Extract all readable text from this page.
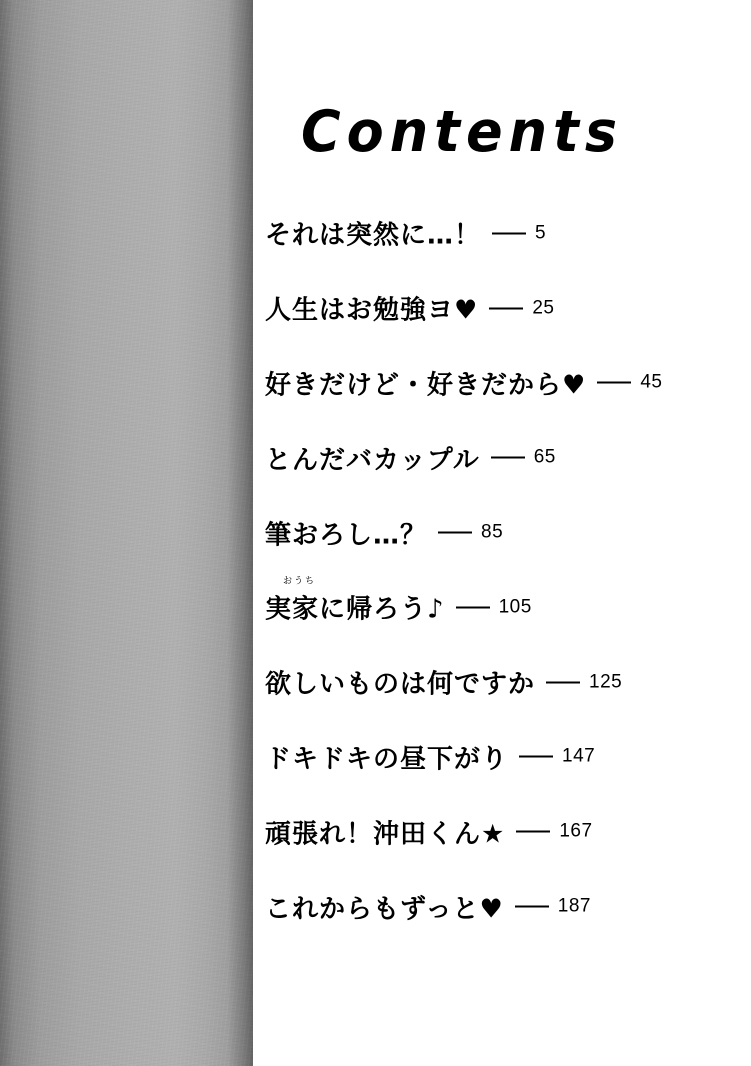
Contents
Delivery 1
それは突然に…！	5
Delivery 2
人生はお勉強ヨ♥	25
Delivery 3
好きだけど・好きだから♥	45
Delivery 4
とんだバカップル	65
Delivery 5
筆おろし…？	85
Delivery 6
おうち
実家に帰ろう♪	105
Delivery 7
欲しいものは何ですか	125
Delivery 8
ドキドキの昼下がり	147
Delivery 9
頑張れ！沖田くん★	167
Delivery 10
これからもずっと♥	187
